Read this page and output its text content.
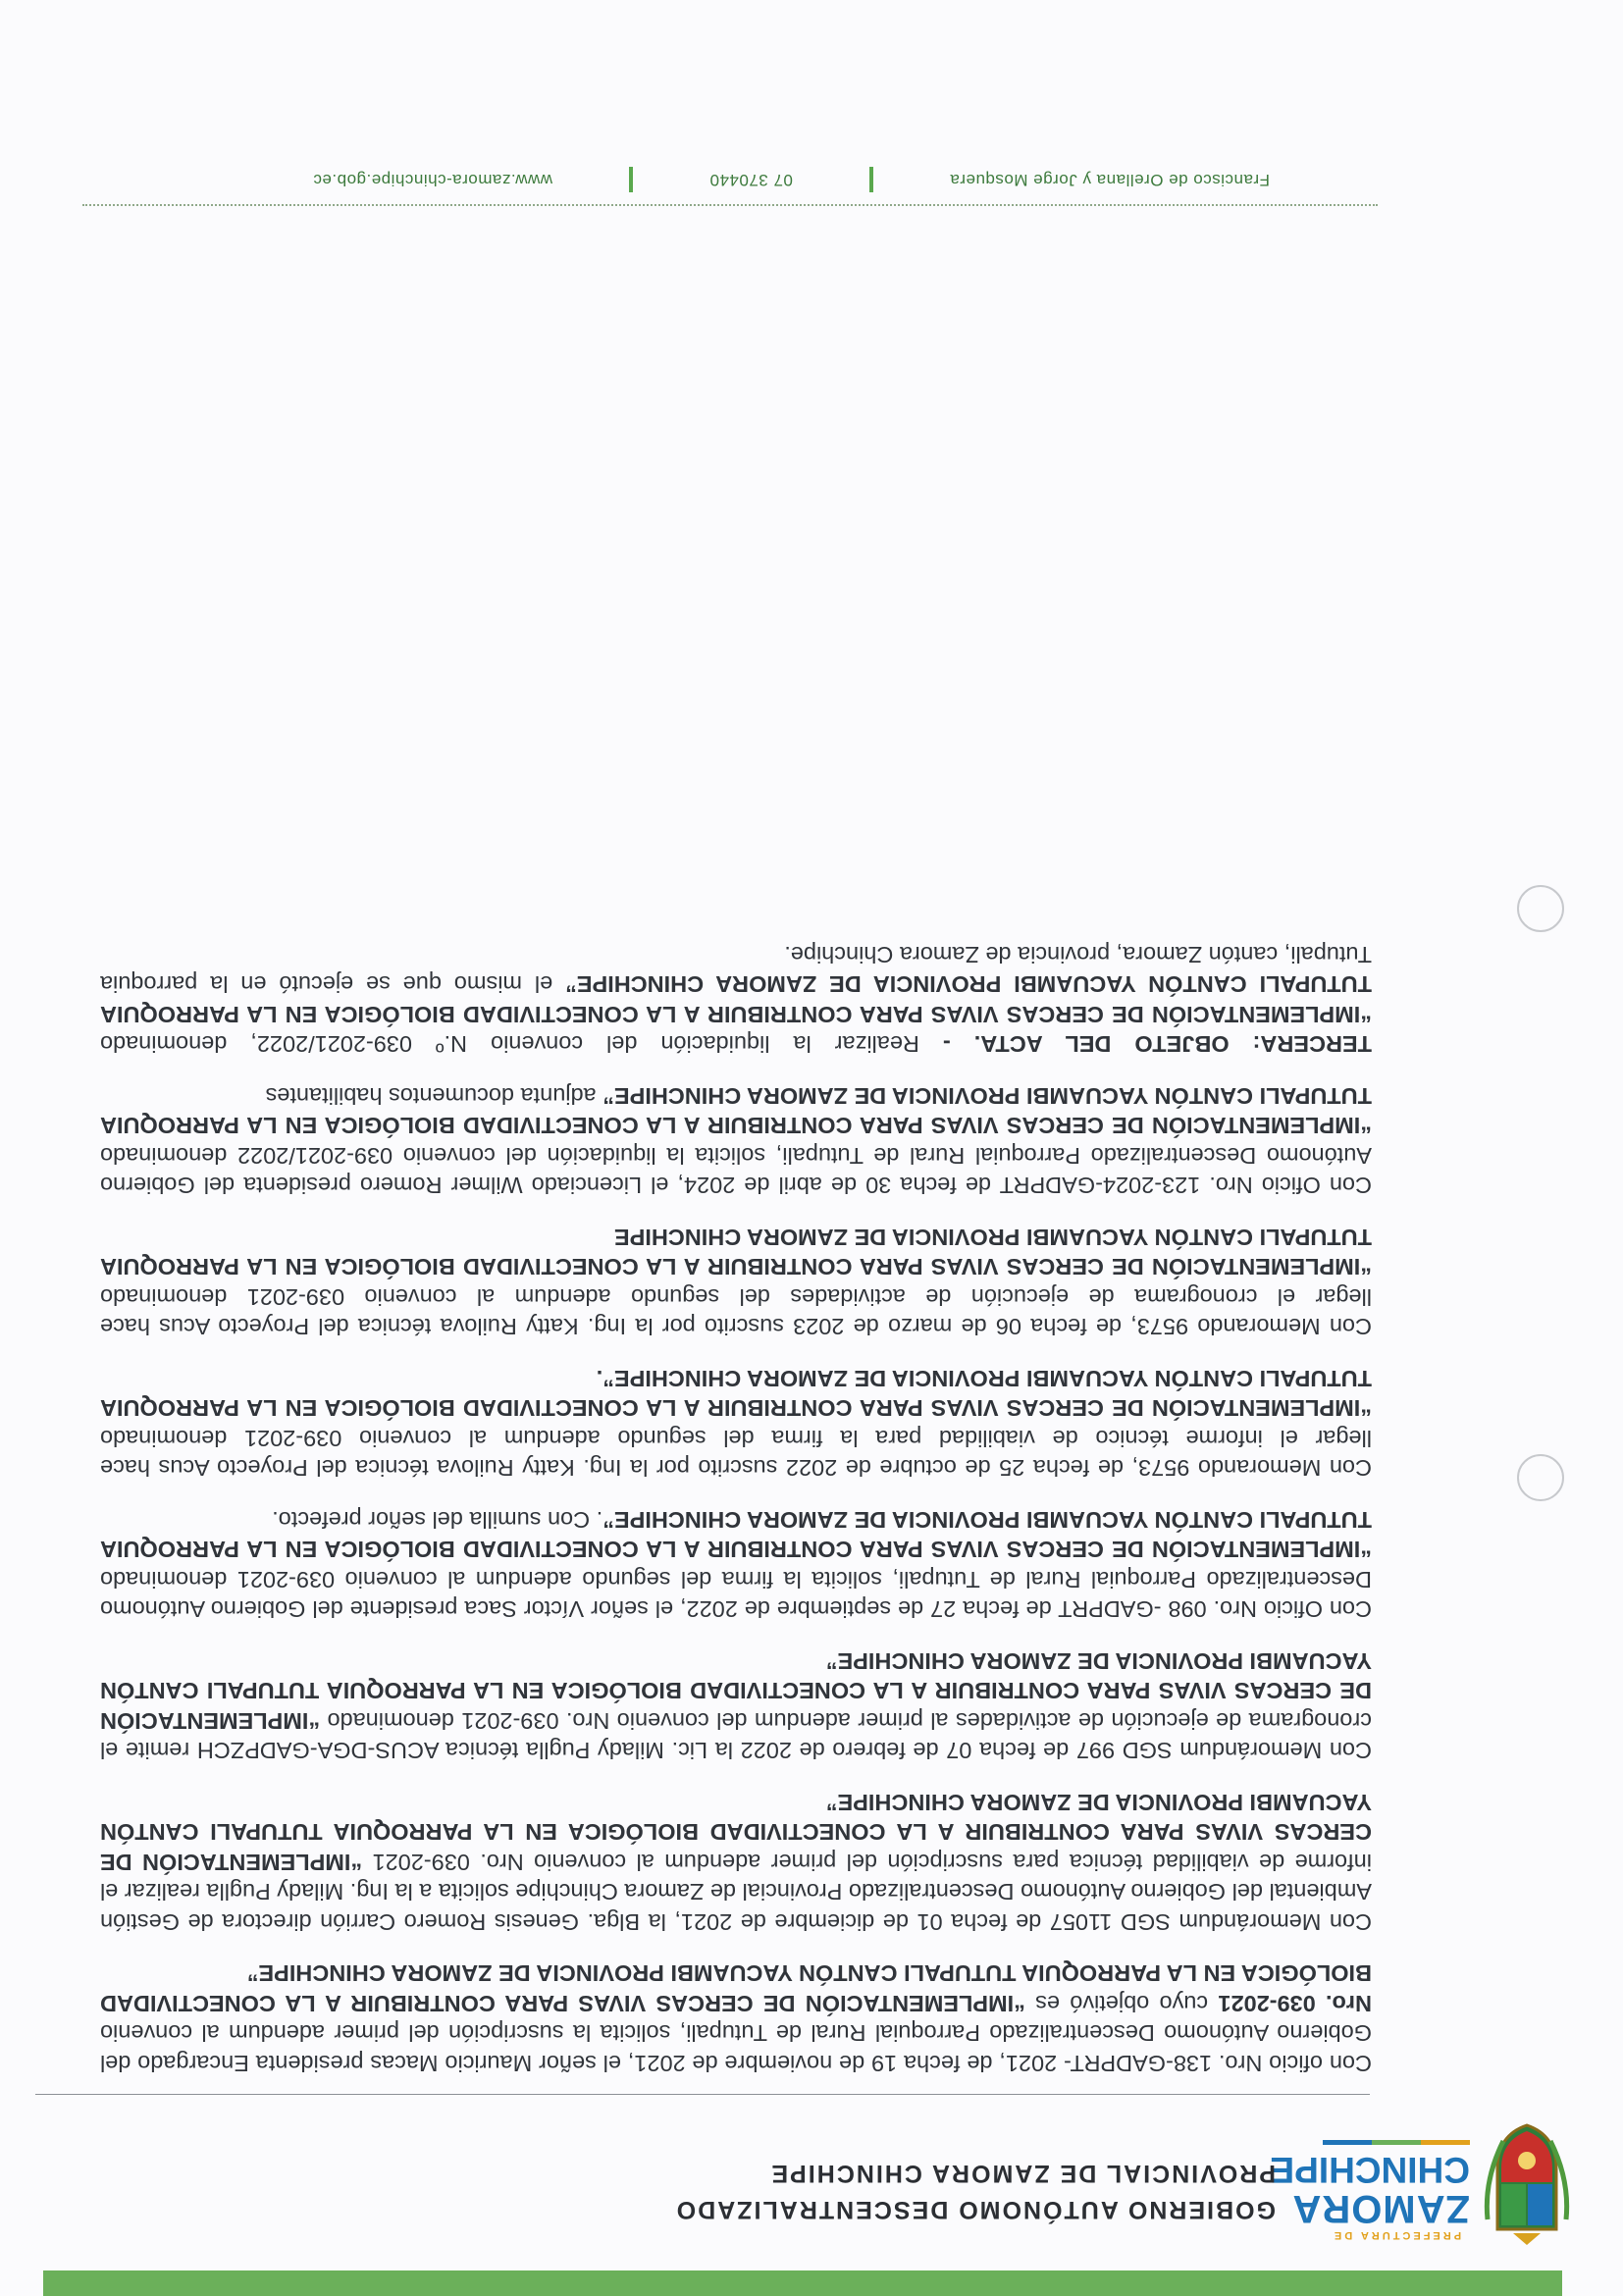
PREFECTURA DE
ZAMORA
CHINCHIPE
GOBIERNO AUTÓNOMO DESCENTRALIZADO
PROVINCIAL DE ZAMORA CHINCHIPE

Con oficio Nro. 138-GADPRT- 2021, de fecha 19 de noviembre de 2021, el señor Mauricio Macas presidenta Encargado del Gobierno Autónomo Descentralizado Parroquial Rural de Tutupali, solicita la suscripción del primer adendum al convenio Nro. 039-2021 cuyo objetivó es “IMPLEMENTACIÓN DE CERCAS VIVAS PARA CONTRIBUIR A LA CONECTIVIDAD BIOLÓGICA EN LA PARROQUIA TUTUPALI CANTÓN YACUAMBI PROVINCIA DE ZAMORA CHINCHIPE”

Con Memorándum SGD 11057 de fecha 01 de diciembre de 2021, la Blga. Genesis Romero Carrión directora de Gestión Ambiental del Gobierno Autónomo Descentralizado Provincial de Zamora Chinchipe solicita a la Ing. Milady Puglla realizar el informe de viabilidad técnica para suscripción del primer adendum al convenio Nro. 039-2021 “IMPLEMENTACIÓN DE CERCAS VIVAS PARA CONTRIBUIR A LA CONECTIVIDAD BIOLÓGICA EN LA PARROQUIA TUTUPALI CANTÓN YACUAMBI PROVINCIA DE ZAMORA CHINCHIPE”

Con Memorándum SGD 997 de fecha 07 de febrero de 2022 la Lic. Milady Puglla técnica ACUS-DGA-GADPZCH remite el cronograma de ejecución de actividades al primer adendum del convenio Nro. 039-2021 denominado “IMPLEMENTACIÓN DE CERCAS VIVAS PARA CONTRIBUIR A LA CONECTIVIDAD BIOLÓGICA EN LA PARROQUIA TUTUPALI CANTÓN YACUAMBI PROVINCIA DE ZAMORA CHINCHIPE”

Con Oficio Nro. 098 -GADPRT de fecha 27 de septiembre de 2022, el señor Víctor Saca presidente del Gobierno Autónomo Descentralizado Parroquial Rural de Tutupali, solicita la firma del segundo adendum al convenio 039-2021 denominado “IMPLEMENTACIÓN DE CERCAS VIVAS PARA CONTRIBUIR A LA CONECTIVIDAD BIOLÓGICA EN LA PARROQUIA TUTUPALI CANTÓN YACUAMBI PROVINCIA DE ZAMORA CHINCHIPE”. Con sumilla del señor prefecto.

Con Memorando 9573, de fecha 25 de octubre de 2022 suscrito por la Ing. Katty Ruilova técnica del Proyecto Acus hace llegar el informe técnico de viabilidad para la firma del segundo adendum al convenio 039-2021 denominado “IMPLEMENTACIÓN DE CERCAS VIVAS PARA CONTRIBUIR A LA CONECTIVIDAD BIOLÓGICA EN LA PARROQUIA TUTUPALI CANTÓN YACUAMBI PROVINCIA DE ZAMORA CHINCHIPE”.

Con Memorando 9573, de fecha 06 de marzo de 2023 suscrito por la Ing. Katty Ruilova técnica del Proyecto Acus hace llegar el cronograma de ejecución de actividades del segundo adendum al convenio 039-2021 denominado “IMPLEMENTACIÓN DE CERCAS VIVAS PARA CONTRIBUIR A LA CONECTIVIDAD BIOLÓGICA EN LA PARROQUIA TUTUPALI CANTÓN YACUAMBI PROVINCIA DE ZAMORA CHINCHIPE

Con Oficio Nro. 123-2024-GADPRT de fecha 30 de abril de 2024, el Licenciado Wilmer Romero presidenta del Gobierno Autónomo Descentralizado Parroquial Rural de Tutupali, solicita la liquidación del convenio 039-2021/2022 denominado “IMPLEMENTACIÓN DE CERCAS VIVAS PARA CONTRIBUIR A LA CONECTIVIDAD BIOLÓGICA EN LA PARROQUIA TUTUPALI CANTÓN YACUAMBI PROVINCIA DE ZAMORA CHINCHIPE” adjunta documentos habilitantes

TERCERA: OBJETO DEL ACTA. - Realizar la liquidación del convenio N.º 039-2021/2022, denominado “IMPLEMENTACIÓN DE CERCAS VIVAS PARA CONTRIBUIR A LA CONECTIVIDAD BIOLÓGICA EN LA PARROQUIA TUTUPALI CANTÓN YACUAMBI PROVINCIA DE ZAMORA CHINCHIPE” el mismo que se ejecutó en la parroquia Tutupali, cantón Zamora, provincia de Zamora Chinchipe.

Francisco de Orellana y Jorge Mosquera
07 370440
www.zamora-chinchipe.gob.ec
